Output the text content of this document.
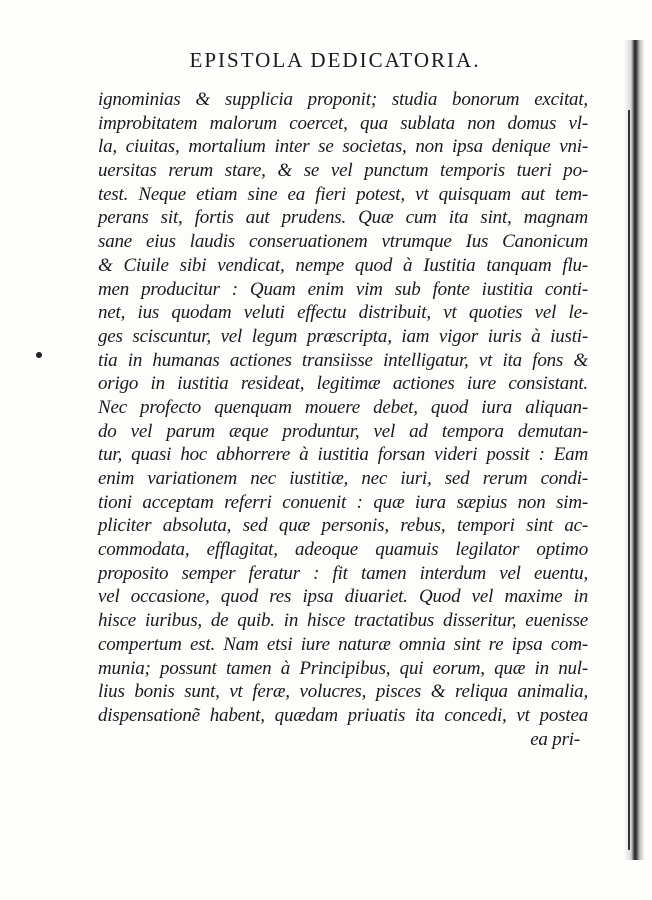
EPISTOLA DEDICATORIA.
ignominias & supplicia proponit; studia bonorum excitat,
improbitatem malorum coercet, qua sublata non domus vl-
la, ciuitas, mortalium inter se societas, non ipsa denique vni-
uersitas rerum stare, & se vel punctum temporis tueri po-
test. Neque etiam sine ea fieri potest, vt quisquam aut tem-
perans sit, fortis aut prudens. Quæ cum ita sint, magnam
sane eius laudis conseruationem vtrumque Ius Canonicum
& Ciuile sibi vendicat, nempe quod à Iustitia tanquam flu-
men producitur : Quam enim vim sub fonte iustitia conti-
net, ius quodam veluti effectu distribuit, vt quoties vel le-
ges sciscuntur, vel legum præscripta, iam vigor iuris à iusti-
tia in humanas actiones transiisse intelligatur, vt ita fons &
origo in iustitia resideat, legitimæ actiones iure consistant.
Nec profecto quenquam mouere debet, quod iura aliquan-
do vel parum æque produntur, vel ad tempora demutan-
tur, quasi hoc abhorrere à iustitia forsan videri possit : Eam
enim variationem nec iustitiæ, nec iuri, sed rerum condi-
tioni acceptam referri conuenit : quæ iura sæpius non sim-
pliciter absoluta, sed quæ personis, rebus, tempori sint ac-
commodata, efflagitat, adeoque quamuis legilator optimo
proposito semper feratur : fit tamen interdum vel euentu,
vel occasione, quod res ipsa diuariet. Quod vel maxime in
hisce iuribus, de quib. in hisce tractatibus disseritur, euenisse
compertum est. Nam etsi iure naturæ omnia sint re ipsa com-
munia; possunt tamen à Principibus, qui eorum, quæ in nul-
lius bonis sunt, vt feræ, volucres, pisces & reliqua animalia,
dispensationẽ habent, quædam priuatis ita concedi, vt postea
ea pri-
